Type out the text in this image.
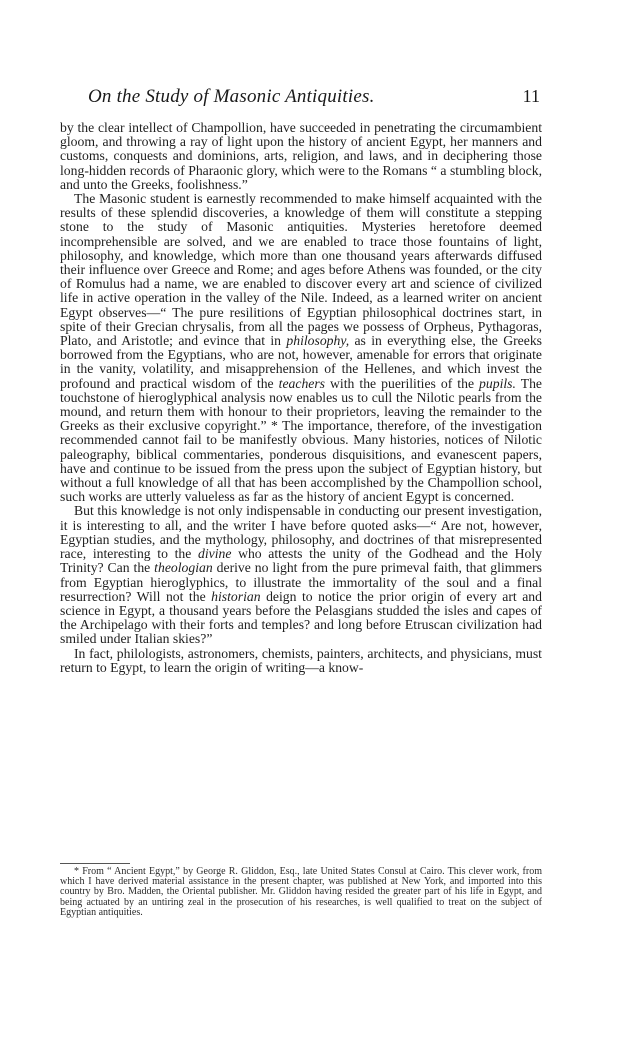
On the Study of Masonic Antiquities.	11

by the clear intellect of Champollion, have succeeded in penetrating the circumambient gloom, and throwing a ray of light upon the history of ancient Egypt, her manners and customs, conquests and dominions, arts, religion, and laws, and in deciphering those long-hidden records of Pharaonic glory, which were to the Romans “ a stumbling block, and unto the Greeks, foolishness.”

The Masonic student is earnestly recommended to make himself acquainted with the results of these splendid discoveries, a knowledge of them will constitute a stepping stone to the study of Masonic antiquities. Mysteries heretofore deemed incomprehensible are solved, and we are enabled to trace those fountains of light, philosophy, and knowledge, which more than one thousand years afterwards diffused their influence over Greece and Rome; and ages before Athens was founded, or the city of Romulus had a name, we are enabled to discover every art and science of civilized life in active operation in the valley of the Nile. Indeed, as a learned writer on ancient Egypt observes—“ The pure resilitions of Egyptian philosophical doctrines start, in spite of their Grecian chrysalis, from all the pages we possess of Orpheus, Pythagoras, Plato, and Aristotle; and evince that in philosophy, as in everything else, the Greeks borrowed from the Egyptians, who are not, however, amenable for errors that originate in the vanity, volatility, and misapprehension of the Hellenes, and which invest the profound and practical wisdom of the teachers with the puerilities of the pupils. The touchstone of hieroglyphical analysis now enables us to cull the Nilotic pearls from the mound, and return them with honour to their proprietors, leaving the remainder to the Greeks as their exclusive copyright.” * The importance, therefore, of the investigation recommended cannot fail to be manifestly obvious. Many histories, notices of Nilotic paleography, biblical commentaries, ponderous disquisitions, and evanescent papers, have and continue to be issued from the press upon the subject of Egyptian history, but without a full knowledge of all that has been accomplished by the Champollion school, such works are utterly valueless as far as the history of ancient Egypt is concerned.

But this knowledge is not only indispensable in conducting our present investigation, it is interesting to all, and the writer I have before quoted asks—“ Are not, however, Egyptian studies, and the mythology, philosophy, and doctrines of that misrepresented race, interesting to the divine who attests the unity of the Godhead and the Holy Trinity? Can the theologian derive no light from the pure primeval faith, that glimmers from Egyptian hieroglyphics, to illustrate the immortality of the soul and a final resurrection? Will not the historian deign to notice the prior origin of every art and science in Egypt, a thousand years before the Pelasgians studded the isles and capes of the Archipelago with their forts and temples? and long before Etruscan civilization had smiled under Italian skies?”

In fact, philologists, astronomers, chemists, painters, architects, and physicians, must return to Egypt, to learn the origin of writing—a know-

* From “ Ancient Egypt,” by George R. Gliddon, Esq., late United States Consul at Cairo. This clever work, from which I have derived material assistance in the present chapter, was published at New York, and imported into this country by Bro. Madden, the Oriental publisher. Mr. Gliddon having resided the greater part of his life in Egypt, and being actuated by an untiring zeal in the prosecution of his researches, is well qualified to treat on the subject of Egyptian antiquities.
